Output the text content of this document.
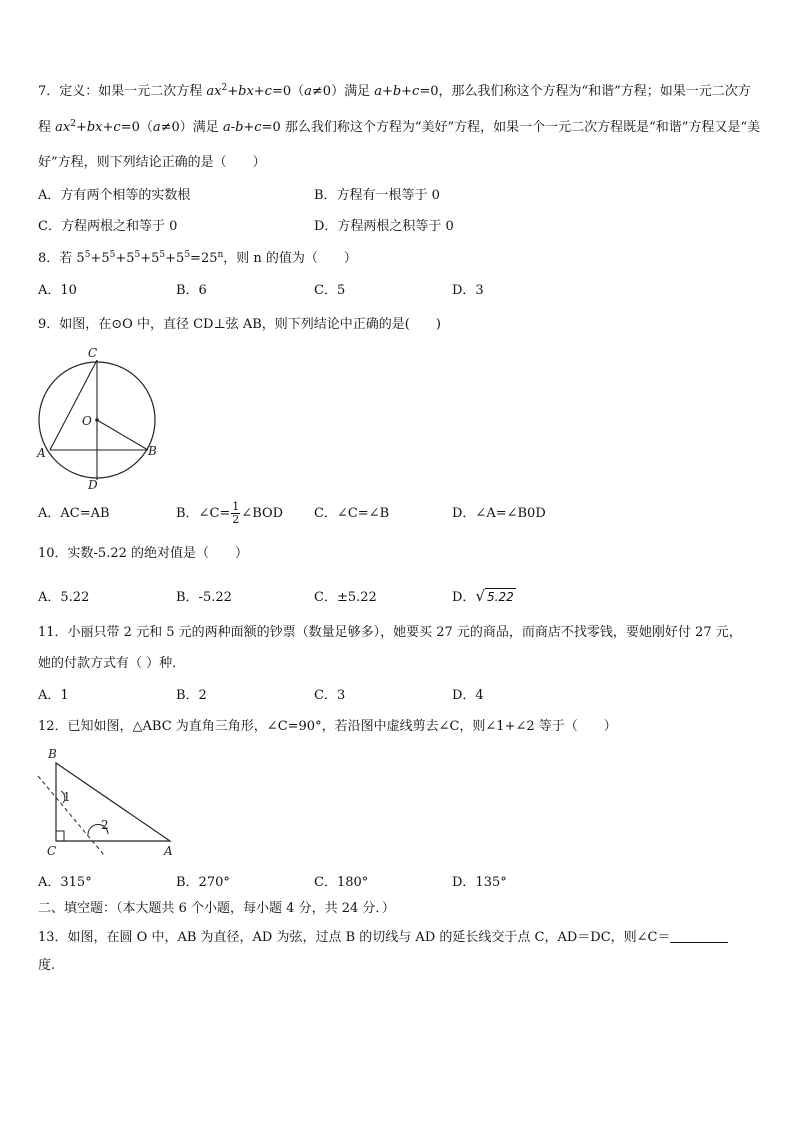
7．定义：如果一元二次方程 $ax^2+bx+c=0(a\ne 0)$满足 a+b+c=0，那么我们称这个方程为“和谐”方程；如果一元二次方
程 $ax^2+bx+c=0(a\ne 0)$满足 a-b+c=0 那么我们称这个方程为“美好”方程，如果一个一元二次方程既是“和谐”方程又是“美
好”方程，则下列结论正确的是（　　）
A．方有两个相等的实数根	B．方程有一根等于 0
C．方程两根之和等于 0	D．方程两根之积等于 0
8．若 $5^5+5^5+5^5+5^5+5^5=25^n$，则 n 的值为（　　）
A．10	B．6	C．5	D．3
9．如图，在⊙O 中，直径 CD⊥弦 AB，则下列结论中正确的是(　　)
C
O
A	B
D
A．AC=AB	B．∠C= $\frac{1}{2}$ ∠BOD C．∠C=∠B	D．∠A=∠B0D
10．实数-5.22 的绝对值是（　　）
A．5.22	B．-5.22	C．±5.22	D．√ 5.22
11．小丽只带 2 元和 5 元的两种面额的钞票（数量足够多），她要买 27 元的商品，而商店不找零钱，要她刚好付 27 元，
她的付款方式有（ ）种．
A．1	B．2	C．3	D．4
12．已知如图，△ABC 为直角三角形，∠C=90°，若沿图中虚线剪去∠C，则∠1+∠2 等于（　　）
B
C	A
1
2
A．315°	B．270°	C．180°	D．135°
二、填空题：（本大题共 6 个小题，每小题 4 分，共 24 分．）
13．如图，在圆 O 中，AB 为直径，AD 为弦，过点 B 的切线与 AD 的延长线交于点 C，AD＝DC，则∠C＝
度.
